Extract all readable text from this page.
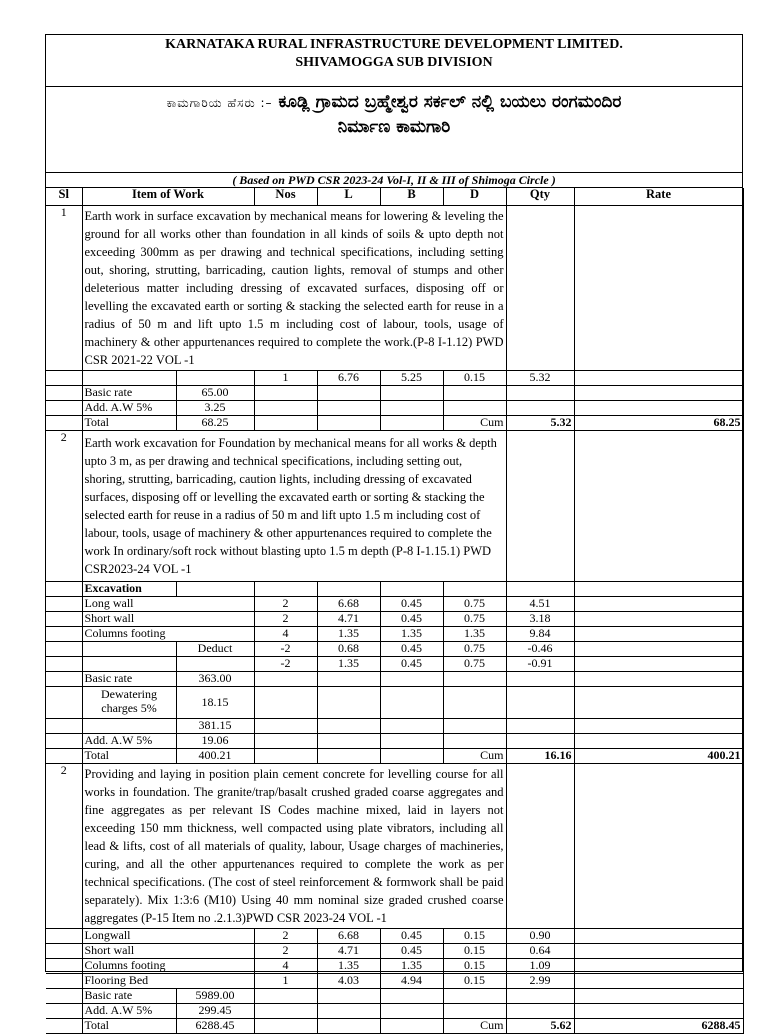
KARNATAKA RURAL INFRASTRUCTURE DEVELOPMENT LIMITED.
SHIVAMOGGA SUB DIVISION
ಕಾಮಗಾರಿಯ ಹೆಸರು :– ಕೂಡ್ಲಿ ಗ್ರಾಮದ ಬ್ರಹ್ಮೇಶ್ವರ ಸರ್ಕಲ್ ನಲ್ಲಿ ಬಯಲು ರಂಗಮಂದಿರ
ನಿರ್ಮಾಣ ಕಾಮಗಾರಿ
( Based on PWD CSR 2023-24 Vol-I, II & III of Shimoga Circle )
Sl	Item of Work		Nos	L	B	D	Qty	Rate	
1	Earth work in surface excavation by mechanical means for lowering & leveling the ground for all works other than foundation in all kinds of soils & upto depth not exceeding 300mm as per drawing and technical specifications, including setting out, shoring, strutting, barricading, caution lights, removal of stumps and other deleterious matter including dressing of excavated surfaces, disposing off or levelling the excavated earth or sorting & stacking the selected earth for reuse in a radius of 50 m and lift upto 1.5 m including cost of labour, tools, usage of machinery & other appurtenances required to complete the work.(P-8 I-1.12) PWD CSR 2021-22 VOL -1								
			1	6.76	5.25	0.15	5.32		
	Basic rate	65.00							
	Add. A.W 5%	3.25							
	Total	68.25				Cum	5.32	68.25	
2	Earth work excavation for Foundation by mechanical means for all works & depth upto 3 m, as per drawing and technical specifications, including setting out, shoring, strutting, barricading, caution lights, including dressing of excavated surfaces, disposing off or levelling the excavated earth or sorting & stacking the selected earth for reuse in a radius of 50 m and lift upto 1.5 m including cost of labour, tools, usage of machinery & other appurtenances required to complete the work In ordinary/soft rock without blasting upto 1.5 m depth (P-8 I-1.15.1) PWD CSR2023-24 VOL -1								
	Excavation								
	Long wall		2	6.68	0.45	0.75	4.51		
	Short wall		2	4.71	0.45	0.75	3.18		
	Columns footing		4	1.35	1.35	1.35	9.84		
		Deduct	-2	0.68	0.45	0.75	-0.46		
			-2	1.35	0.45	0.75	-0.91		
	Basic rate	363.00							
	Dewatering charges 5%	18.15							
		381.15							
	Add. A.W 5%	19.06							
	Total	400.21				Cum	16.16	400.21	
2	Providing and laying in position plain cement concrete for levelling course for all works in foundation. The granite/trap/basalt crushed graded coarse aggregates and fine aggregates as per relevant IS Codes machine mixed, laid in layers not exceeding 150 mm thickness, well compacted using plate vibrators, including all lead & lifts, cost of all materials of quality, labour, Usage charges of machineries, curing, and all the other appurtenances required to complete the work as per technical specifications. (The cost of steel reinforcement & formwork shall be paid separately). Mix 1:3:6 (M10) Using 40 mm nominal size graded crushed coarse aggregates (P-15 Item no .2.1.3)PWD CSR 2023-24 VOL -1								
	Longwall		2	6.68	0.45	0.15	0.90		
	Short wall		2	4.71	0.45	0.15	0.64		
	Columns footing		4	1.35	1.35	0.15	1.09		
	Flooring Bed		1	4.03	4.94	0.15	2.99		
	Basic rate	5989.00							
	Add. A.W 5%	299.45							
	Total	6288.45				Cum	5.62	6288.45	
